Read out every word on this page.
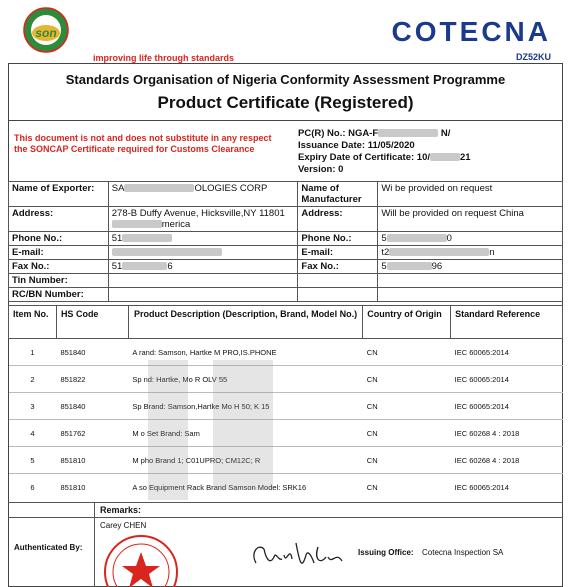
son
improving life through standards
COTECNA
DZ52KU
Standards Organisation of Nigeria Conformity Assessment Programme
Product Certificate (Registered)
This document is not and does not substitute in any respect the SONCAP Certificate required for Customs Clearance
PC(R) No.: NGA-F	N/
Issuance Date: 11/05/2020
Expiry Date of Certificate: 10/	21
Version: 0
Name of Exporter:	SA OLOGIES CORP	Name of Manufacturer	Wi be provided on request
Address:	278-B Duffy Avenue, Hicksville,NY 11801merica	Address:	Will be provided on request China
Phone No.:	51	Phone No.:	5 0
E-mail:		E-mail:	t2 n
Fax No.:	51 6	Fax No.:	5 96
Tin Number:			
RC/BN Number:			
Item No.	HS Code	Product Description (Description, Brand, Model No.)	Country of Origin	Standard Reference
1	851840	A rand: Samson, Hartke M PRO,IS.PHONE	CN	IEC 60065:2014
2	851822	Sp nd: Hartke, Mo R OLV 55	CN	IEC 60065:2014
3	851840	Sp Brand: Samson,Hartke Mo H 50; K 15	CN	IEC 60065:2014
4	851762	M o Set Brand: Sam	CN	IEC 60268 4 : 2018
5	851810	M pho Brand 1; C01UPRO; CM12C; R	CN	IEC 60268 4 : 2018
6	851810	A so Equipment Rack Brand Samson Model: SRK16	CN	IEC 60065:2014
Remarks:
Authenticated By:
Carey CHEN
Issuing Office: Cotecna Inspection SA
